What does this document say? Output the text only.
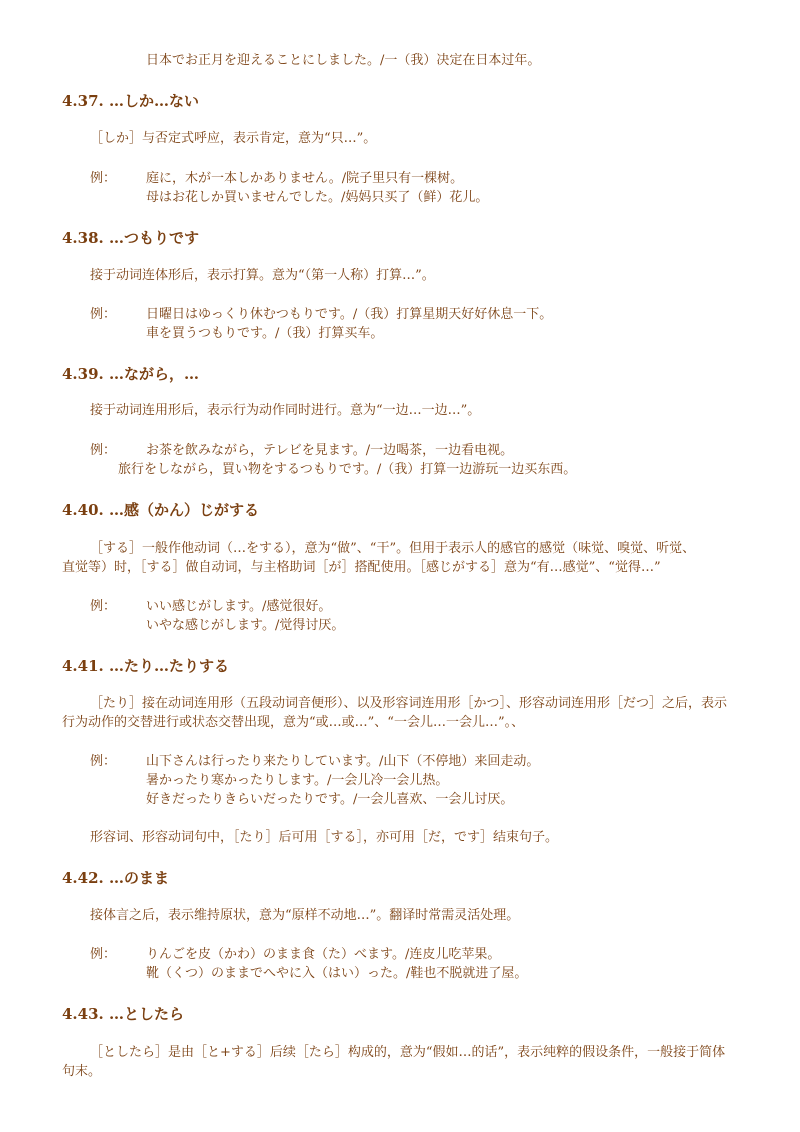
日本でお正月を迎えることにしました。/一（我）决定在日本过年。
4.37. …しか…ない
［しか］与否定式呼应，表示肯定，意为“只…”。
例： 庭に，木が一本しかありません。/院子里只有一棵树。
母はお花しか買いませんでした。/妈妈只买了（鲜）花儿。
4.38. …つもりです
接于动词连体形后，表示打算。意为“（第一人称）打算…”。
例： 日曜日はゆっくり休むつもりです。/（我）打算星期天好好休息一下。
車を買うつもりです。/（我）打算买车。
4.39. …ながら，…
接于动词连用形后，表示行为动作同时进行。意为“一边…一边…”。
例： お茶を飲みながら，テレビを見ます。/一边喝茶，一边看电视。
旅行をしながら，買い物をするつもりです。/（我）打算一边游玩一边买东西。
4.40. …感（かん）じがする
［する］一般作他动词（…をする），意为“做”、“干”。但用于表示人的感官的感觉（味觉、嗅觉、听觉、
直觉等）时，［する］做自动词，与主格助词［が］搭配使用。［感じがする］意为“有…感觉”、“觉得…”
例： いい感じがします。/感觉很好。
いやな感じがします。/觉得讨厌。
4.41. …たり…たりする
［たり］接在动词连用形（五段动词音便形）、以及形容词连用形［かつ］、形容动词连用形［だつ］之后，表示
行为动作的交替进行或状态交替出现，意为“或…或…”、“一会儿…一会儿…”。、
例： 山下さんは行ったり来たりしています。/山下（不停地）来回走动。
暑かったり寒かったりします。/一会儿冷一会儿热。
好きだったりきらいだったりです。/一会儿喜欢、一会儿讨厌。
形容词、形容动词句中，［たり］后可用［する］，亦可用［だ，です］结束句子。
4.42. …のまま
接体言之后，表示维持原状，意为“原样不动地…”。翻译时常需灵活处理。
例： りんごを皮（かわ）のまま食（た）べます。/连皮儿吃苹果。
靴（くつ）のままでへやに入（はい）った。/鞋也不脱就进了屋。
4.43. …としたら
［としたら］是由［と+する］后续［たら］构成的，意为“假如…的话”，表示纯粹的假设条件，一般接于简体
句末。
